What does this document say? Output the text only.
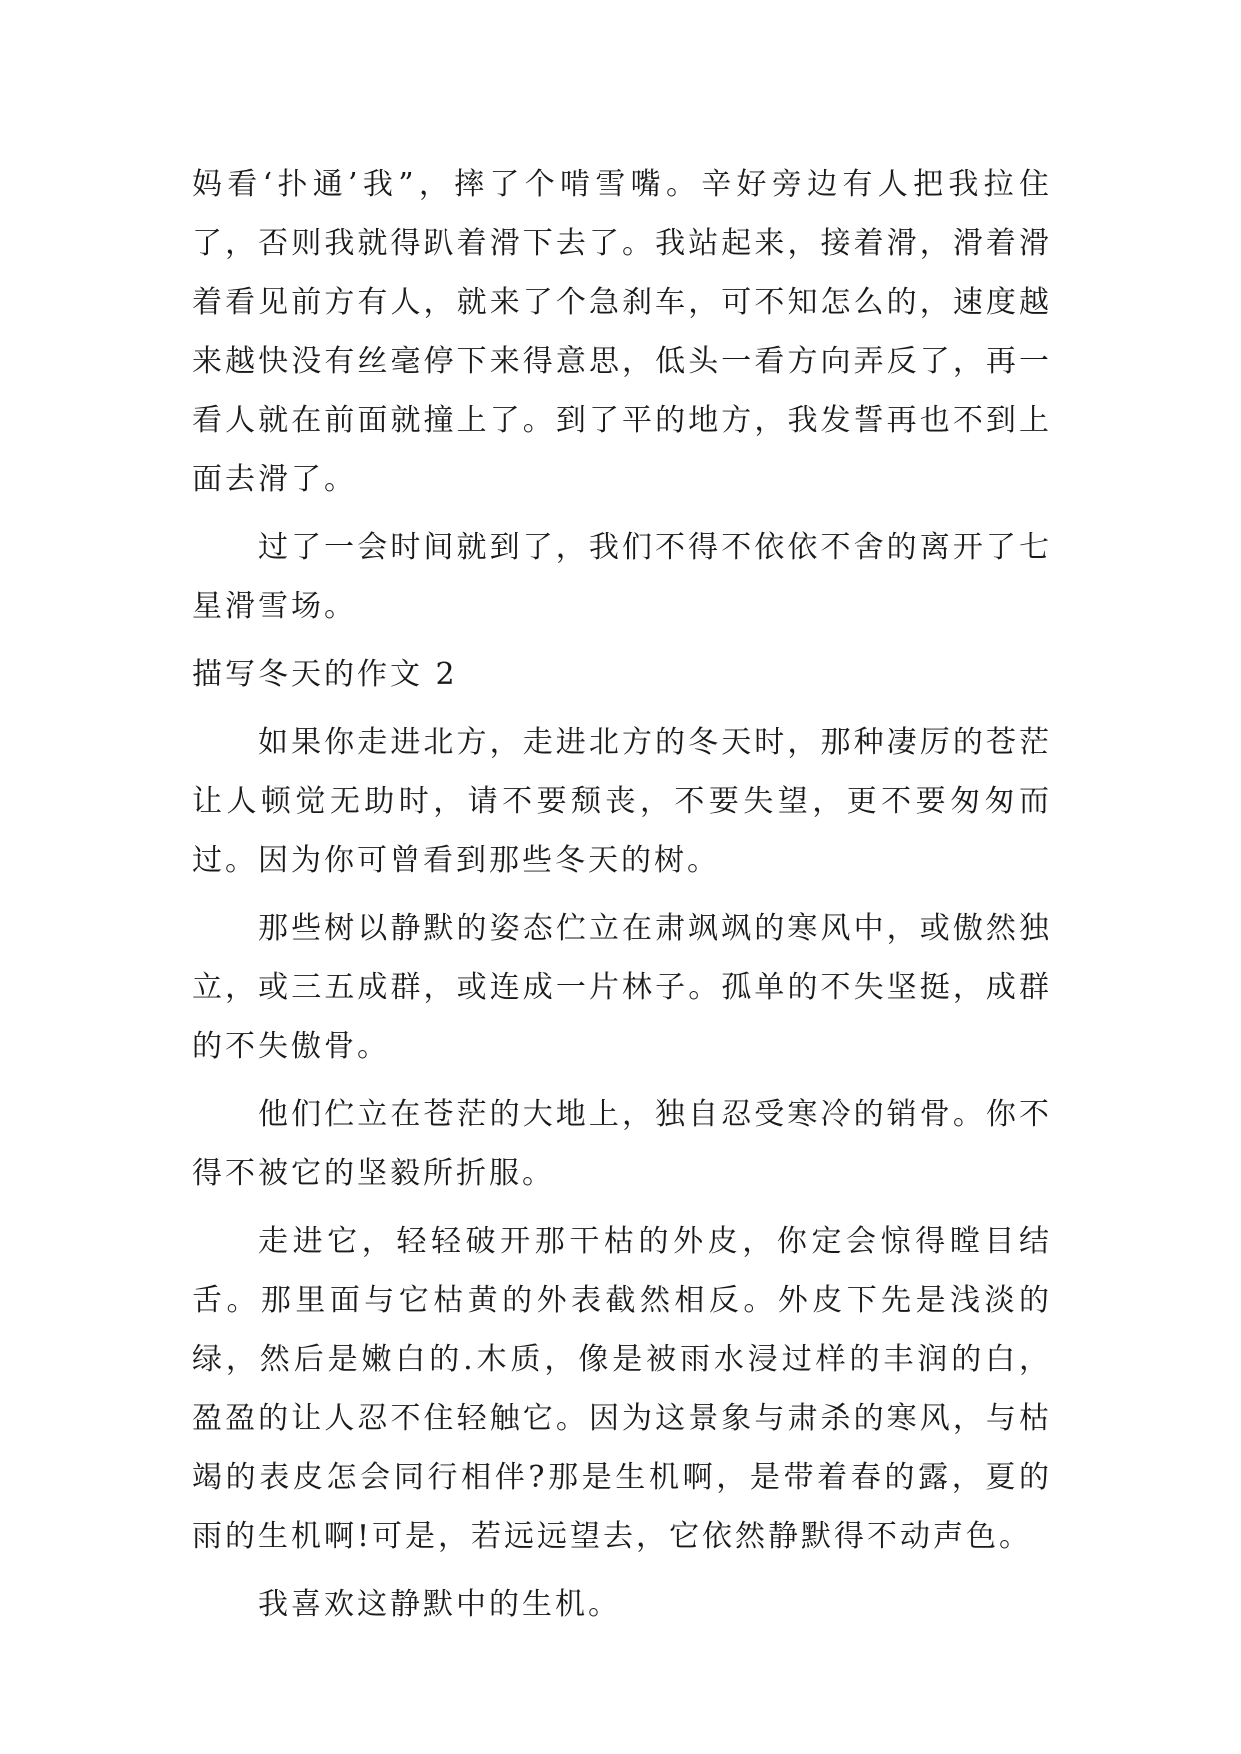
妈看‘扑通’我”，摔了个啃雪嘴。辛好旁边有人把我拉住了，否则我就得趴着滑下去了。我站起来，接着滑，滑着滑着看见前方有人，就来了个急刹车，可不知怎么的，速度越来越快没有丝毫停下来得意思，低头一看方向弄反了，再一看人就在前面就撞上了。到了平的地方，我发誓再也不到上面去滑了。

过了一会时间就到了，我们不得不依依不舍的离开了七星滑雪场。

描写冬天的作文 2

如果你走进北方，走进北方的冬天时，那种凄厉的苍茫让人顿觉无助时，请不要颓丧，不要失望，更不要匆匆而过。因为你可曾看到那些冬天的树。

那些树以静默的姿态伫立在肃飒飒的寒风中，或傲然独立，或三五成群，或连成一片林子。孤单的不失坚挺，成群的不失傲骨。

他们伫立在苍茫的大地上，独自忍受寒冷的销骨。你不得不被它的坚毅所折服。

走进它，轻轻破开那干枯的外皮，你定会惊得瞠目结舌。那里面与它枯黄的外表截然相反。外皮下先是浅淡的绿，然后是嫩白的.木质，像是被雨水浸过样的丰润的白，盈盈的让人忍不住轻触它。因为这景象与肃杀的寒风，与枯竭的表皮怎会同行相伴?那是生机啊，是带着春的露，夏的雨的生机啊!可是，若远远望去，它依然静默得不动声色。

我喜欢这静默中的生机。
